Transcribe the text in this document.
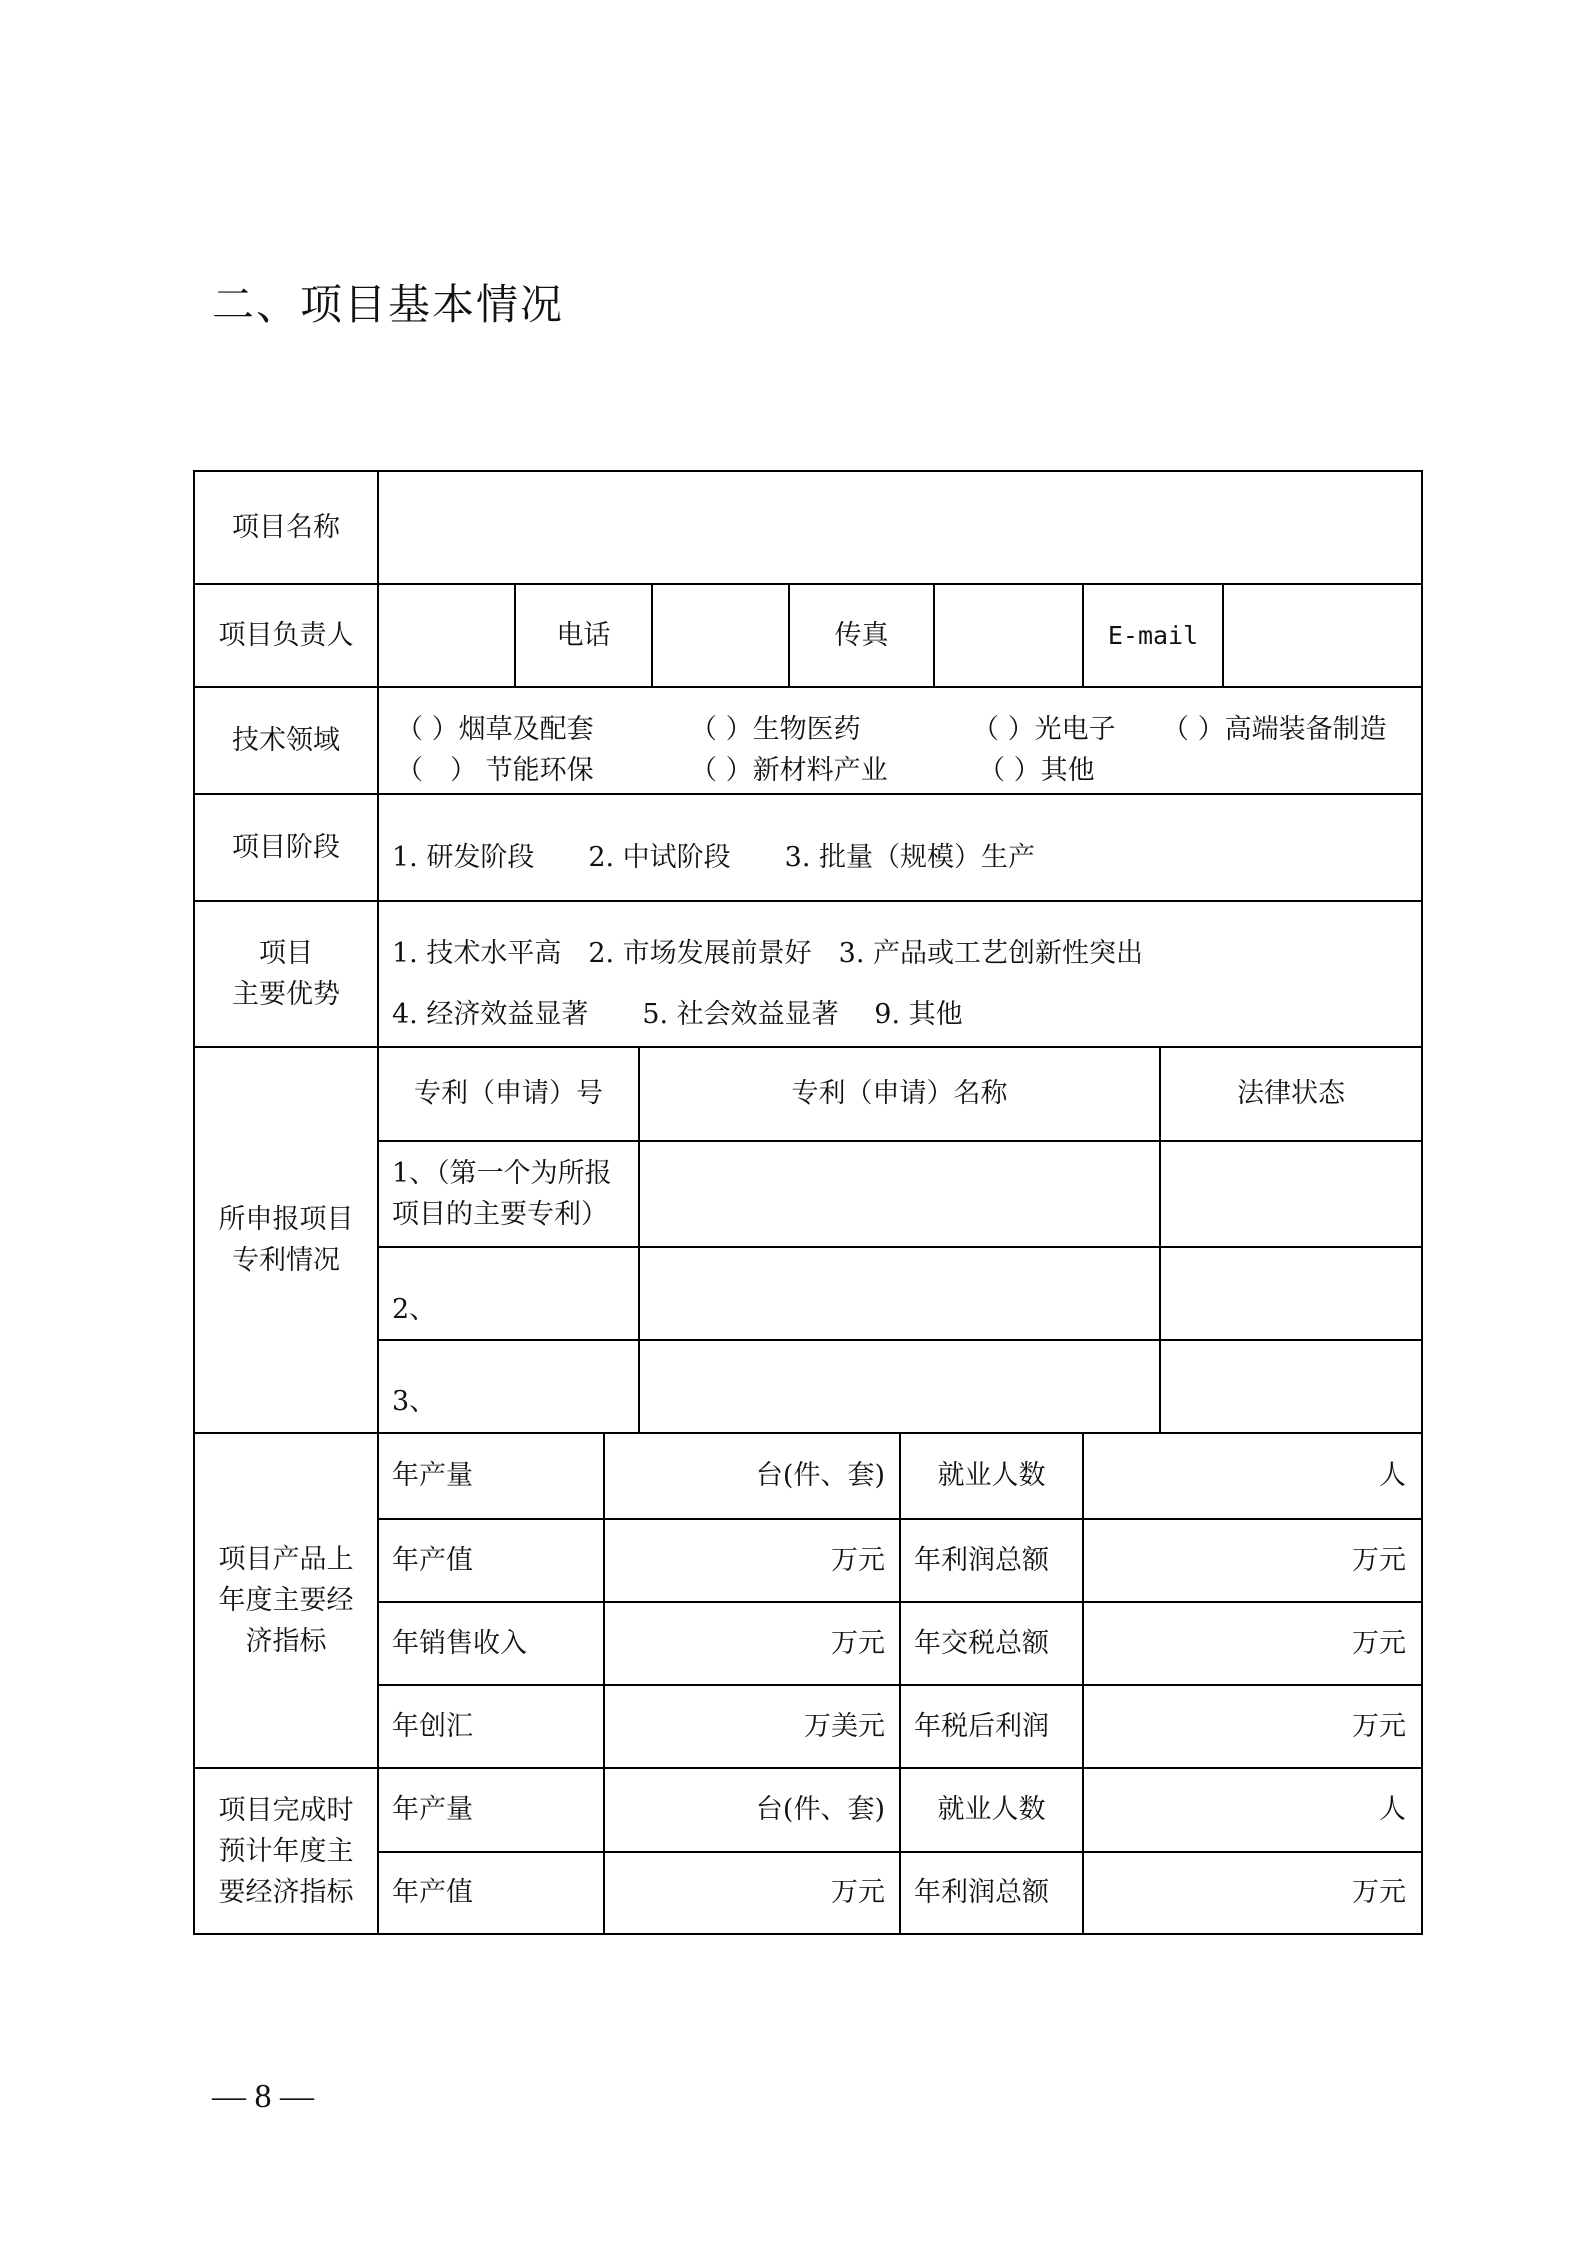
二、项目基本情况
项目名称
项目负责人	电话	传真	E-mail
技术领域	（ ）烟草及配套	（ ）生物医药	（ ）光电子 （ ）高端装备制造
（　） 节能环保	（ ）新材料产业	（ ）其他
项目阶段	1. 研发阶段　　2. 中试阶段　　3. 批量（规模）生产
项目
主要优势
1. 技术水平高　2. 市场发展前景好　3. 产品或工艺创新性突出
4. 经济效益显著　　5. 社会效益显著　 9. 其他
所申报项目
专利情况
专利（申请）号	专利（申请）名称	法律状态
1、（第一个为所报
项目的主要专利）
2、
3、
项目产品上
年度主要经
济指标
年产量	台(件、套)	就业人数	人
年产值	万元 年利润总额	万元
年销售收入	万元 年交税总额	万元
年创汇	万美元 年税后利润	万元
项目完成时
预计年度主
要经济指标
年产量	台(件、套)	就业人数	人
年产值	万元 年利润总额	万元
— 8 —
